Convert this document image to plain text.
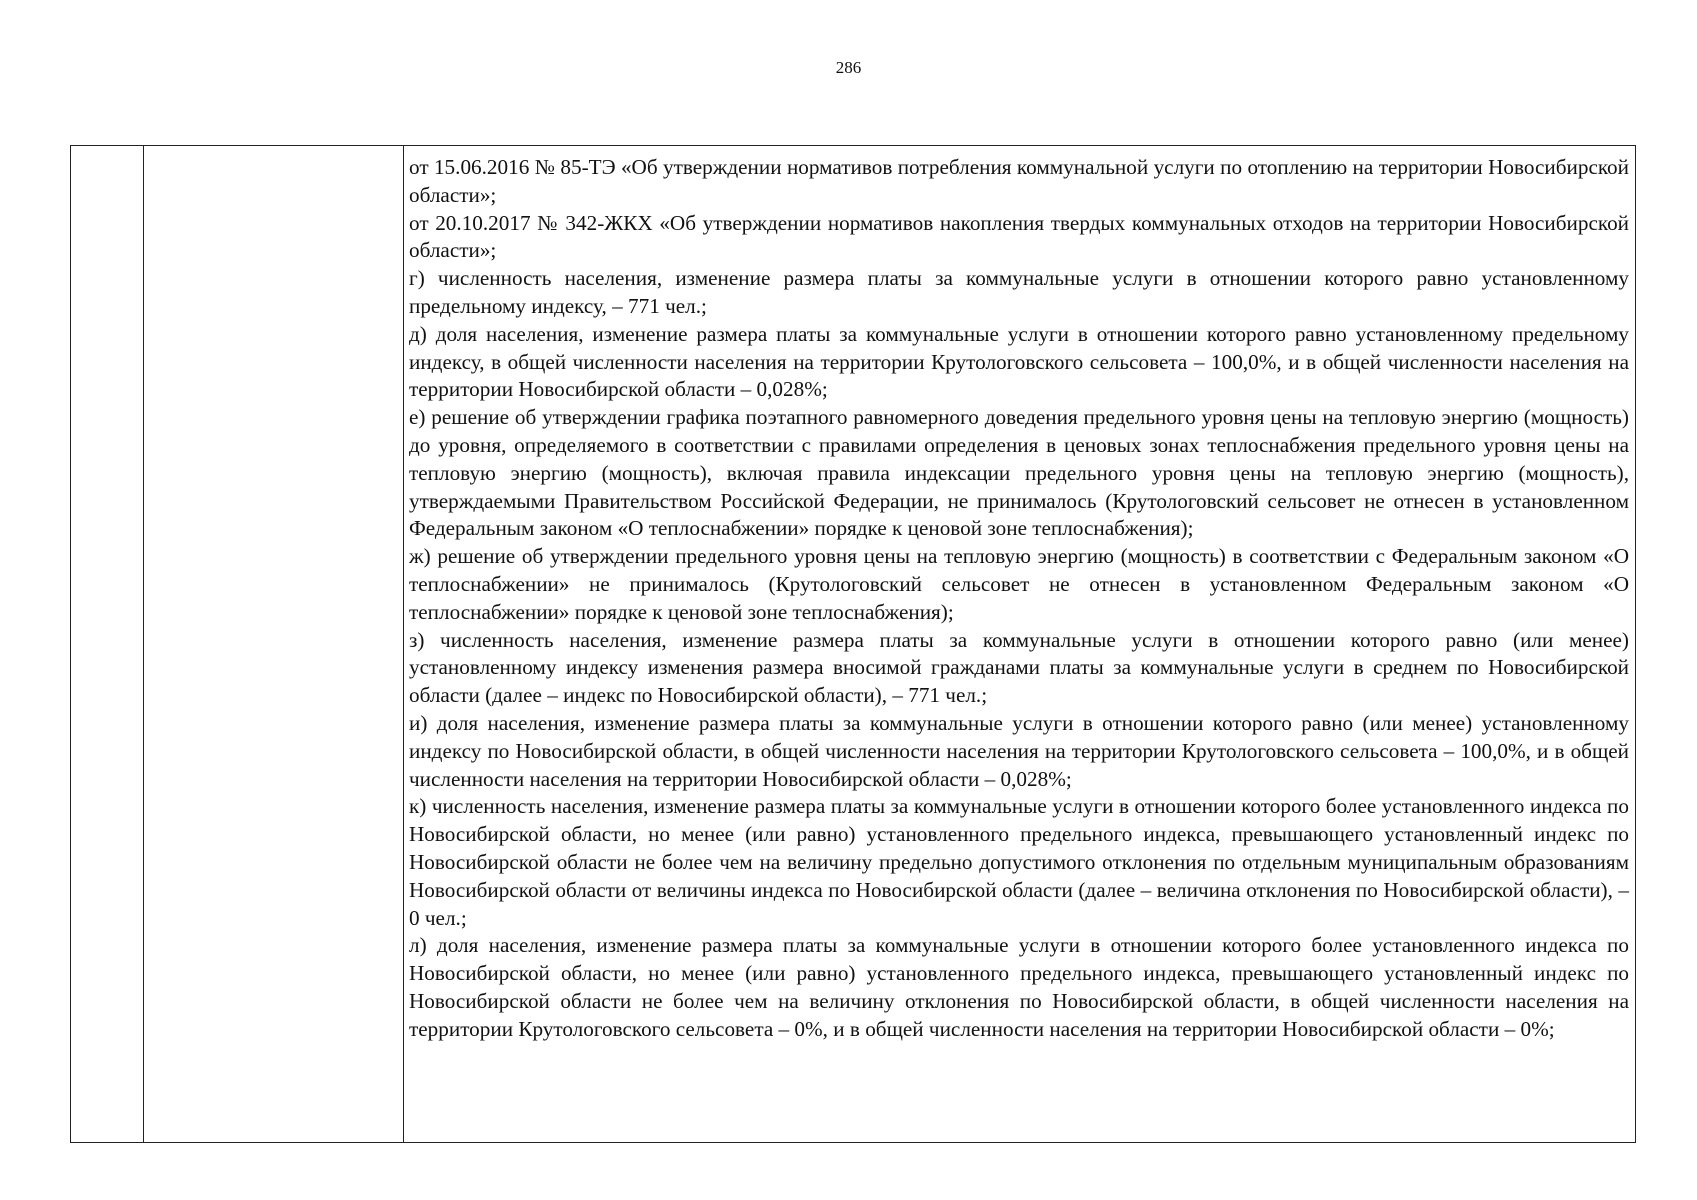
286

от 15.06.2016 № 85-ТЭ «Об утверждении нормативов потребления коммунальной услуги по отоплению на территории Новосибирской области»;

от 20.10.2017 № 342-ЖКХ «Об утверждении нормативов накопления твердых коммунальных отходов на территории Новосибирской области»;

г) численность населения, изменение размера платы за коммунальные услуги в отношении которого равно установленному предельному индексу, – 771 чел.;

д) доля населения, изменение размера платы за коммунальные услуги в отношении которого равно установленному предельному индексу, в общей численности населения на территории Крутологовского сельсовета – 100,0%, и в общей численности населения на территории Новосибирской области – 0,028%;

е) решение об утверждении графика поэтапного равномерного доведения предельного уровня цены на тепловую энергию (мощность) до уровня, определяемого в соответствии с правилами определения в ценовых зонах теплоснабжения предельного уровня цены на тепловую энергию (мощность), включая правила индексации предельного уровня цены на тепловую энергию (мощность), утверждаемыми Правительством Российской Федерации, не принималось (Крутологовский сельсовет не отнесен в установленном Федеральным законом «О теплоснабжении» порядке к ценовой зоне теплоснабжения);

ж) решение об утверждении предельного уровня цены на тепловую энергию (мощность) в соответствии с Федеральным законом «О теплоснабжении» не принималось (Крутологовский сельсовет не отнесен в установленном Федеральным законом «О теплоснабжении» порядке к ценовой зоне теплоснабжения);

з) численность населения, изменение размера платы за коммунальные услуги в отношении которого равно (или менее) установленному индексу изменения размера вносимой гражданами платы за коммунальные услуги в среднем по Новосибирской области (далее – индекс по Новосибирской области), – 771 чел.;

и) доля населения, изменение размера платы за коммунальные услуги в отношении которого равно (или менее) установленному индексу по Новосибирской области, в общей численности населения на территории Крутологовского сельсовета – 100,0%, и в общей численности населения на территории Новосибирской области – 0,028%;

к) численность населения, изменение размера платы за коммунальные услуги в отношении которого более установленного индекса по Новосибирской области, но менее (или равно) установленного предельного индекса, превышающего установленный индекс по Новосибирской области не более чем на величину предельно допустимого отклонения по отдельным муниципальным образованиям Новосибирской области от величины индекса по Новосибирской области (далее – величина отклонения по Новосибирской области), – 0 чел.;

л) доля населения, изменение размера платы за коммунальные услуги в отношении которого более установленного индекса по Новосибирской области, но менее (или равно) установленного предельного индекса, превышающего установленный индекс по Новосибирской области не более чем на величину отклонения по Новосибирской области, в общей численности населения на территории Крутологовского сельсовета – 0%, и в общей численности населения на территории Новосибирской области – 0%;
